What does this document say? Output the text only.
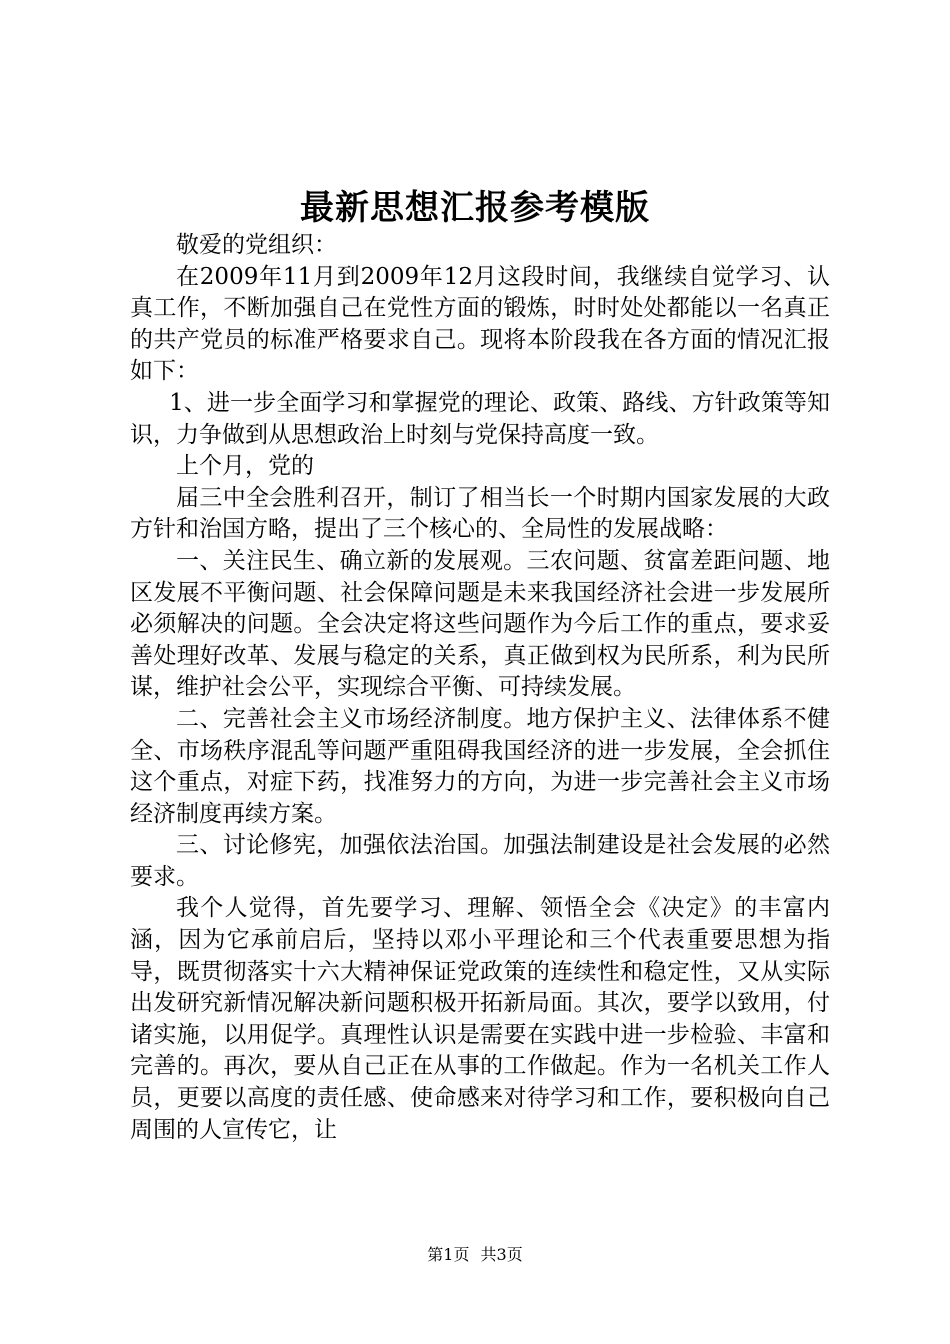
最新思想汇报参考模版

敬爱的党组织：

在2009年11月到2009年12月这段时间，我继续自觉学习、认真工作，不断加强自己在党性方面的锻炼，时时处处都能以一名真正的共产党员的标准严格要求自己。现将本阶段我在各方面的情况汇报如下：

1、进一步全面学习和掌握党的理论、政策、路线、方针政策等知识，力争做到从思想政治上时刻与党保持高度一致。

上个月，党的

届三中全会胜利召开，制订了相当长一个时期内国家发展的大政方针和治国方略，提出了三个核心的、全局性的发展战略：

一、关注民生、确立新的发展观。三农问题、贫富差距问题、地区发展不平衡问题、社会保障问题是未来我国经济社会进一步发展所必须解决的问题。全会决定将这些问题作为今后工作的重点，要求妥善处理好改革、发展与稳定的关系，真正做到权为民所系，利为民所谋，维护社会公平，实现综合平衡、可持续发展。

二、完善社会主义市场经济制度。地方保护主义、法律体系不健全、市场秩序混乱等问题严重阻碍我国经济的进一步发展，全会抓住这个重点，对症下药，找准努力的方向，为进一步完善社会主义市场经济制度再续方案。

三、讨论修宪，加强依法治国。加强法制建设是社会发展的必然要求。

我个人觉得，首先要学习、理解、领悟全会《决定》的丰富内涵，因为它承前启后，坚持以邓小平理论和三个代表重要思想为指导，既贯彻落实十六大精神保证党政策的连续性和稳定性，又从实际出发研究新情况解决新问题积极开拓新局面。其次，要学以致用，付诸实施，以用促学。真理性认识是需要在实践中进一步检验、丰富和完善的。再次，要从自己正在从事的工作做起。作为一名机关工作人员，更要以高度的责任感、使命感来对待学习和工作，要积极向自己周围的人宣传它，让

第1页 共3页
